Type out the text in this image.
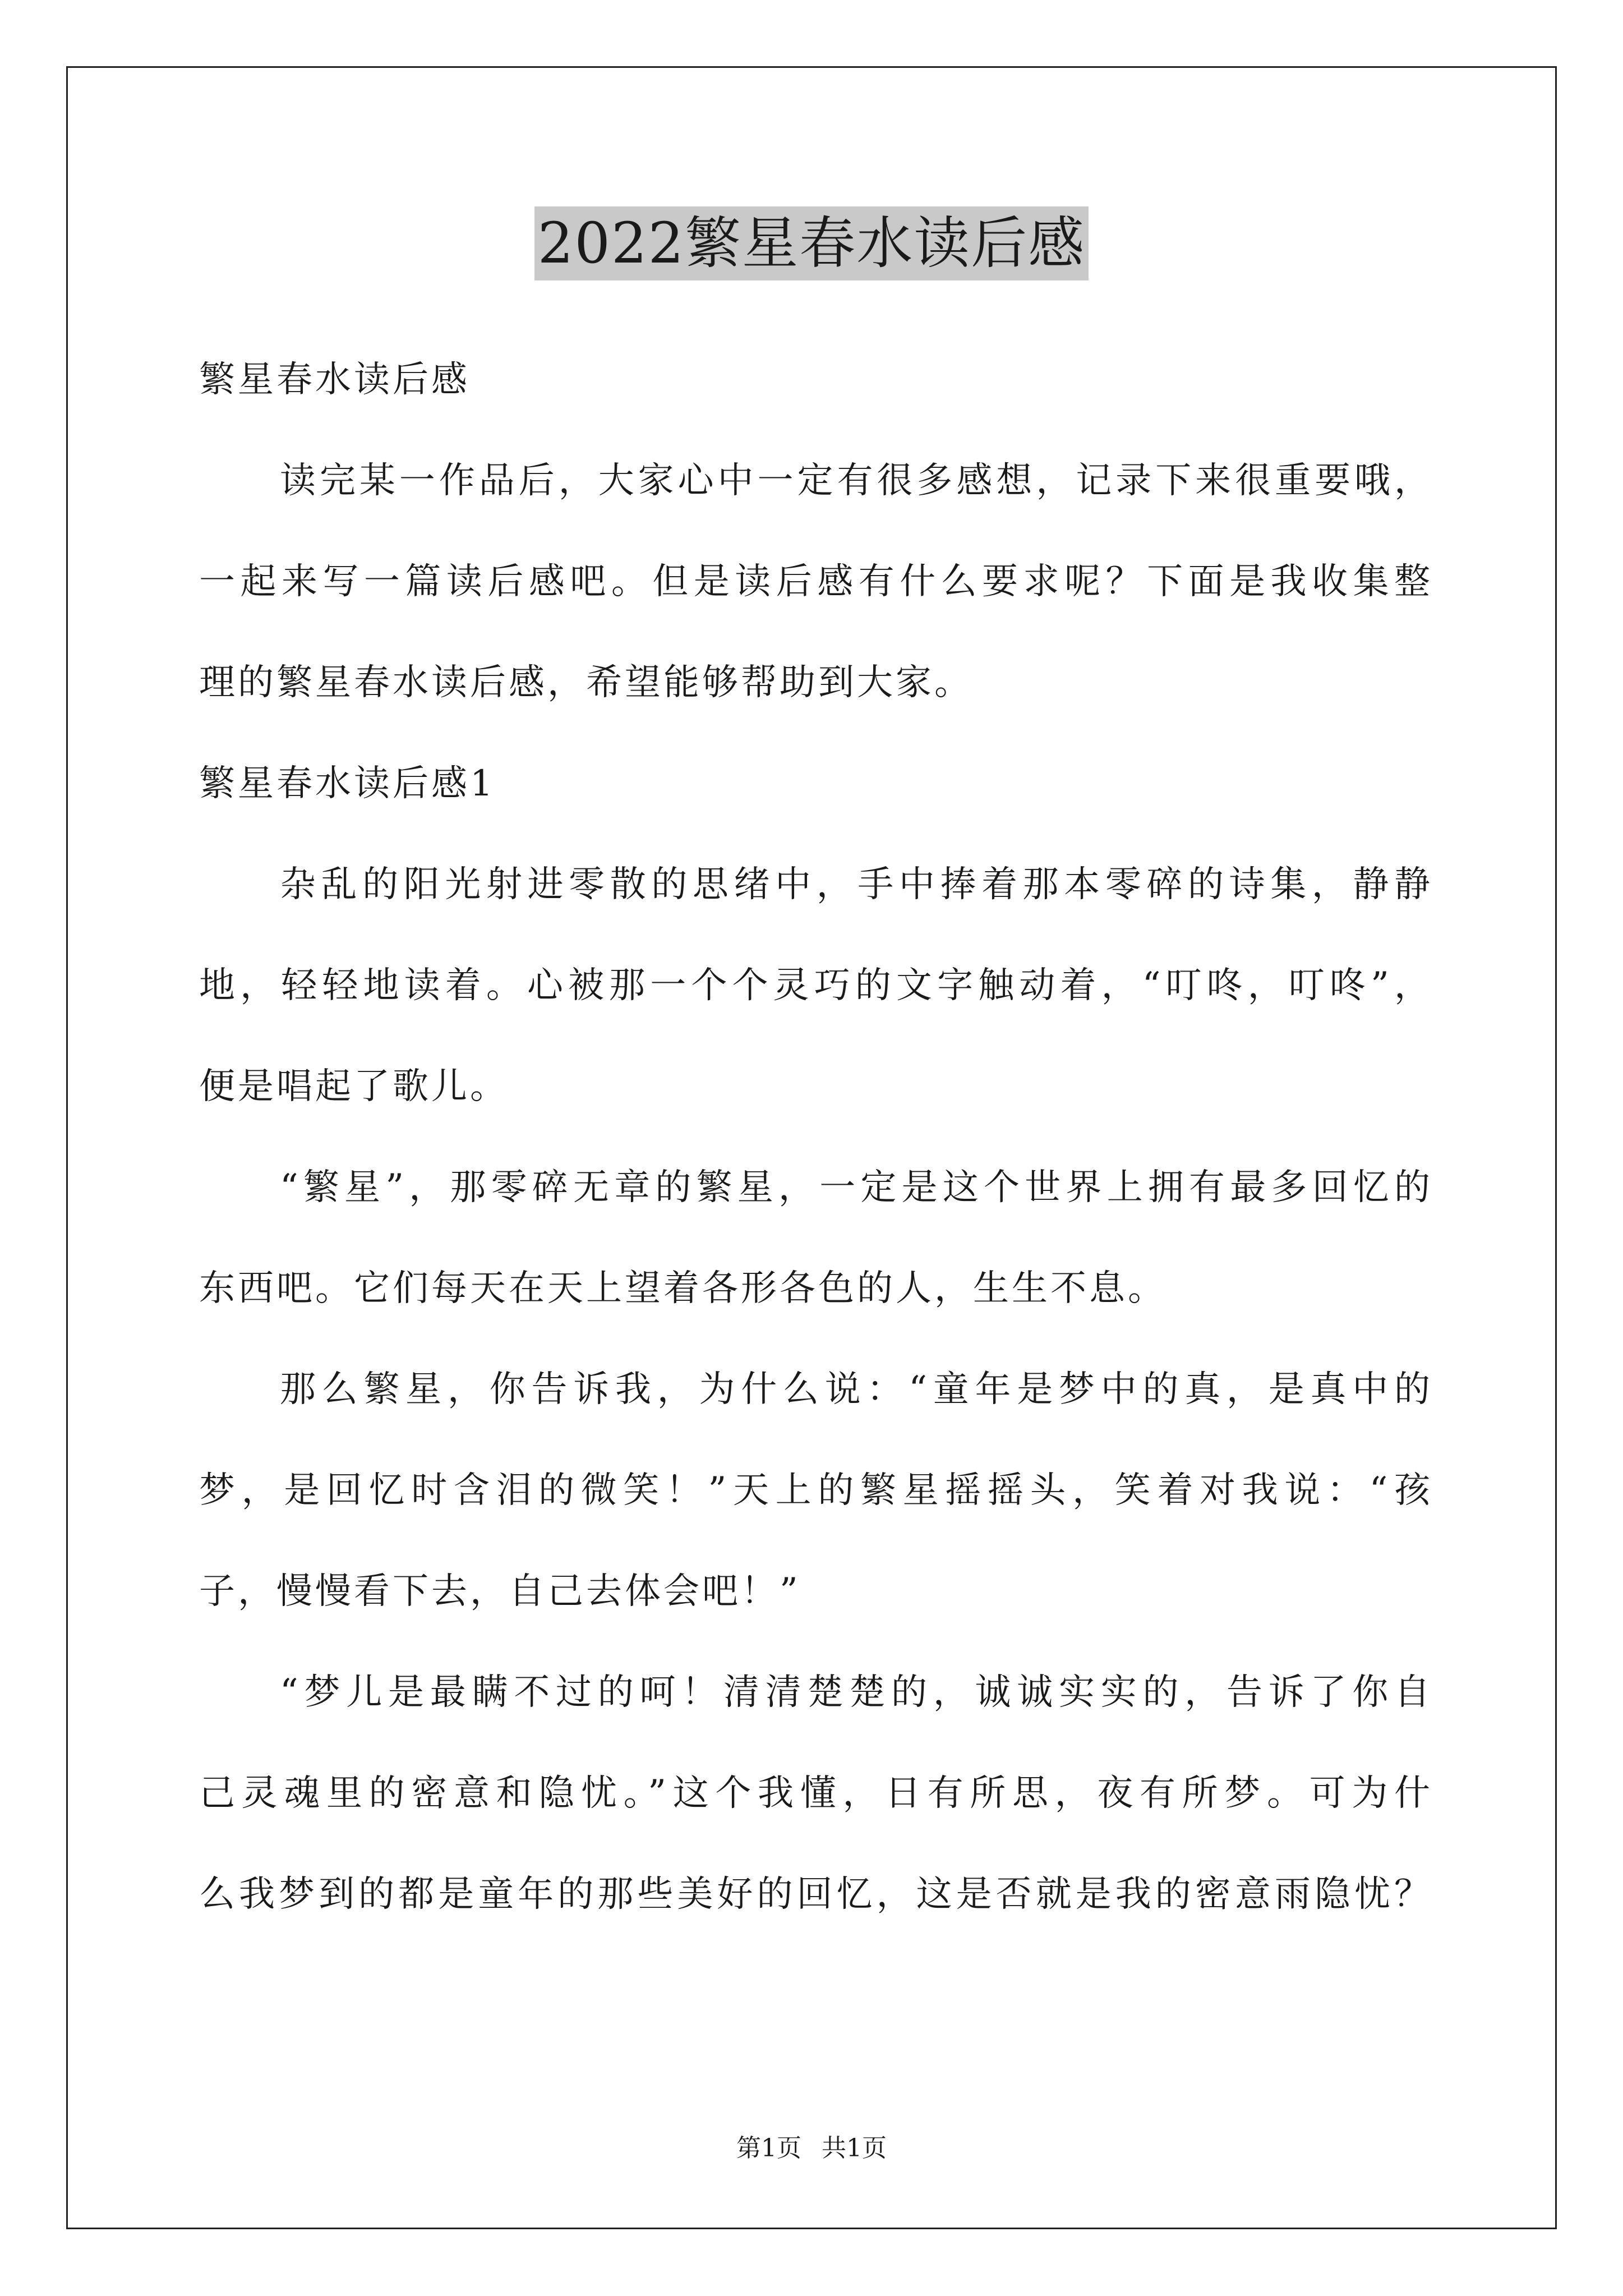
2022繁星春水读后感
繁星春水读后感
读完某一作品后，大家心中一定有很多感想，记录下来很重要哦，
一起来写一篇读后感吧。但是读后感有什么要求呢？下面是我收集整
理的繁星春水读后感，希望能够帮助到大家。
繁星春水读后感1
杂乱的阳光射进零散的思绪中，手中捧着那本零碎的诗集，静静
地，轻轻地读着。心被那一个个灵巧的文字触动着，“叮咚，叮咚”，
便是唱起了歌儿。
“繁星”，那零碎无章的繁星，一定是这个世界上拥有最多回忆的
东西吧。它们每天在天上望着各形各色的人，生生不息。
那么繁星，你告诉我，为什么说：“童年是梦中的真，是真中的
梦，是回忆时含泪的微笑！”天上的繁星摇摇头，笑着对我说：“孩
子，慢慢看下去，自己去体会吧！”
“梦儿是最瞒不过的呵！清清楚楚的，诚诚实实的，告诉了你自
己灵魂里的密意和隐忧。”这个我懂，日有所思，夜有所梦。可为什
么我梦到的都是童年的那些美好的回忆，这是否就是我的密意雨隐忧？
第1页 共1页
